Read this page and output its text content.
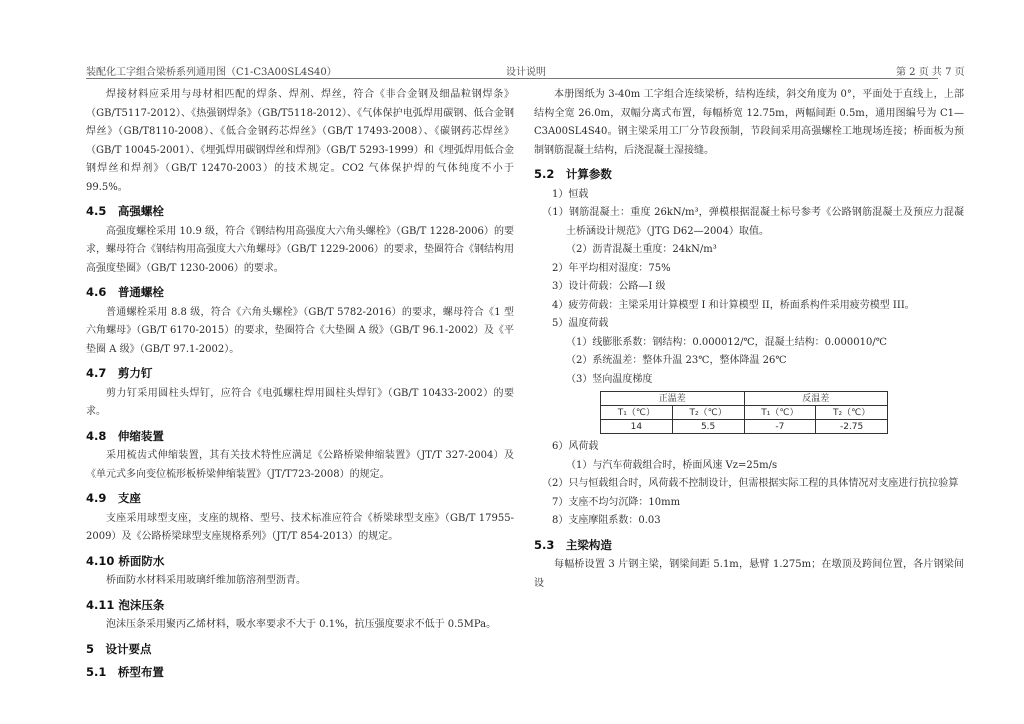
装配化工字组合梁桥系列通用图（C1-C3A00SL4S40）	设计说明	第 2 页 共 7 页

焊接材料应采用与母材相匹配的焊条、焊剂、焊丝，符合《非合金钢及细晶粒钢焊条》（GB/T5117-2012）、《热强钢焊条》（GB/T5118-2012）、《气体保护电弧焊用碳钢、低合金钢焊丝》（GB/T8110-2008）、《低合金钢药芯焊丝》（GB/T 17493-2008）、《碳钢药芯焊丝》（GB/T 10045-2001）、《埋弧焊用碳钢焊丝和焊剂》（GB/T 5293-1999）和《埋弧焊用低合金钢焊丝和焊剂》（GB/T 12470-2003）的技术规定。CO2 气体保护焊的气体纯度不小于 99.5%。

4.5　高强螺栓

高强度螺栓采用 10.9 级，符合《钢结构用高强度大六角头螺栓》（GB/T 1228-2006）的要求，螺母符合《钢结构用高强度大六角螺母》（GB/T 1229-2006）的要求，垫圈符合《钢结构用高强度垫圈》（GB/T 1230-2006）的要求。

4.6　普通螺栓

普通螺栓采用 8.8 级，符合《六角头螺栓》（GB/T 5782-2016）的要求，螺母符合《1 型六角螺母》（GB/T 6170-2015）的要求，垫圈符合《大垫圈 A 级》（GB/T 96.1-2002）及《平垫圈 A 级》（GB/T 97.1-2002）。

4.7　剪力钉

剪力钉采用圆柱头焊钉，应符合《电弧螺柱焊用圆柱头焊钉》（GB/T 10433-2002）的要求。

4.8　伸缩装置

采用梳齿式伸缩装置，其有关技术特性应满足《公路桥梁伸缩装置》（JT/T 327-2004）及《单元式多向变位梳形板桥梁伸缩装置》（JT/T723-2008）的规定。

4.9　支座

支座采用球型支座，支座的规格、型号、技术标准应符合《桥梁球型支座》（GB/T 17955-2009）及《公路桥梁球型支座规格系列》（JT/T 854-2013）的规定。

4.10 桥面防水

桥面防水材料采用玻璃纤维加筋溶剂型沥青。

4.11 泡沫压条

泡沫压条采用聚丙乙烯材料，吸水率要求不大于 0.1%，抗压强度要求不低于 0.5MPa。

5　设计要点
5.1　桥型布置

本册图纸为 3-40m 工字组合连续梁桥，结构连续，斜交角度为 0°，平面处于直线上，上部结构全宽 26.0m，双幅分离式布置，每幅桥宽 12.75m，两幅间距 0.5m，通用图编号为 C1—C3A00SL4S40。钢主梁采用工厂分节段预制，节段间采用高强螺栓工地现场连接；桥面板为预制钢筋混凝土结构，后浇混凝土湿接缝。

5.2　计算参数

1）恒载

（1）钢筋混凝土：重度 26kN/m³，弹模根据混凝土标号参考《公路钢筋混凝土及预应力混凝土桥涵设计规范》（JTG D62—2004）取值。

（2）沥青混凝土重度：24kN/m³

2）年平均相对湿度：75%

3）设计荷载：公路—I 级

4）疲劳荷载：主梁采用计算模型 I 和计算模型 II，桥面系构件采用疲劳模型 III。

5）温度荷载

（1）线膨胀系数：钢结构：0.000012/℃，混凝土结构：0.000010/℃

（2）系统温差：整体升温 23℃，整体降温 26℃

（3）竖向温度梯度

正温差		反温差	
T₁（℃）	T₂（℃）	T₁（℃）	T₂（℃）
14	5.5	-7	-2.75

6）风荷载

（1）与汽车荷载组合时，桥面风速 Vz=25m/s

（2）只与恒载组合时，风荷载不控制设计，但需根据实际工程的具体情况对支座进行抗拉验算

7）支座不均匀沉降：10mm

8）支座摩阻系数：0.03

5.3　主梁构造

每幅桥设置 3 片钢主梁，钢梁间距 5.1m，悬臂 1.275m；在墩顶及跨间位置，各片钢梁间设
